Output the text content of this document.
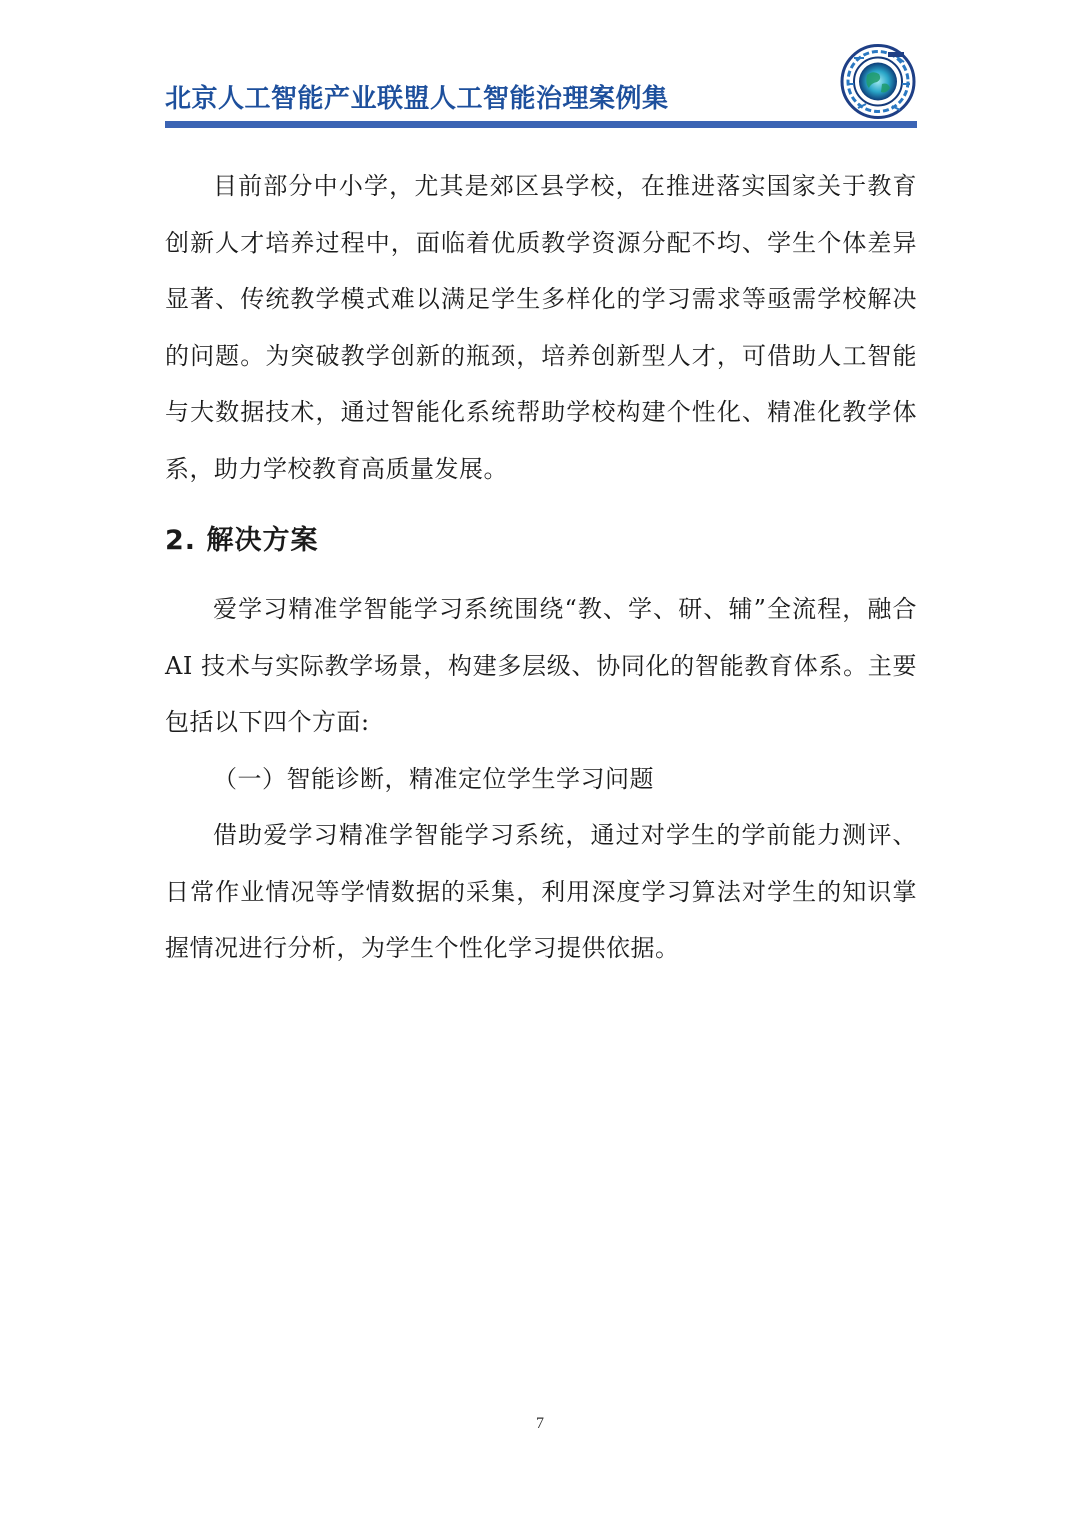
北京人工智能产业联盟人工智能治理案例集

目前部分中小学，尤其是郊区县学校，在推进落实国家关于教育创新人才培养过程中，面临着优质教学资源分配不均、学生个体差异显著、传统教学模式难以满足学生多样化的学习需求等亟需学校解决的问题。为突破教学创新的瓶颈，培养创新型人才，可借助人工智能与大数据技术，通过智能化系统帮助学校构建个性化、精准化教学体系，助力学校教育高质量发展。

2. 解决方案

爱学习精准学智能学习系统围绕“教、学、研、辅”全流程，融合 AI 技术与实际教学场景，构建多层级、协同化的智能教育体系。主要包括以下四个方面:

（一）智能诊断，精准定位学生学习问题

借助爱学习精准学智能学习系统，通过对学生的学前能力测评、日常作业情况等学情数据的采集，利用深度学习算法对学生的知识掌握情况进行分析，为学生个性化学习提供依据。

7
